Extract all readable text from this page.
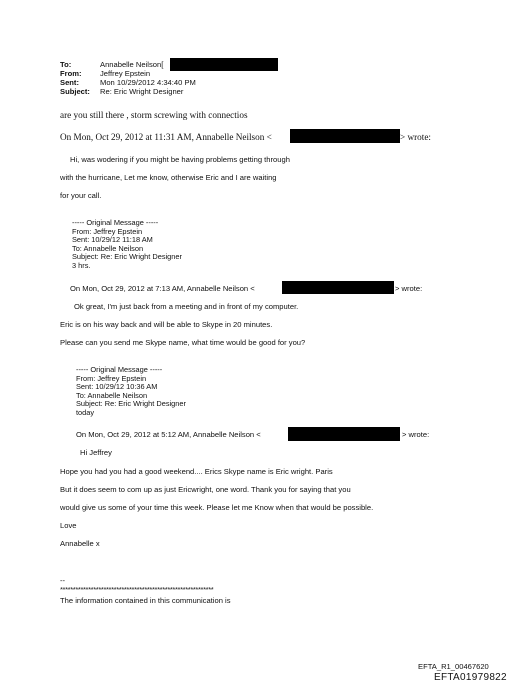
To:	Annabelle Neilson[
From: Jeffrey Epstein
Sent:	Mon 10/29/2012 4:34:40 PM
Subject: Re: Eric Wright Designer
are you still there , storm screwing with connectios
On Mon, Oct 29, 2012 at 11:31 AM, Annabelle Neilson <	> wrote:
Hi, was wodering if you might be having problems getting through
with the hurricane, Let me know, otherwise Eric and I are waiting
for your call.
----- Original Message -----
From: Jeffrey Epstein
Sent: 10/29/12 11:18 AM
To: Annabelle Neilson
Subject: Re: Eric Wright Designer
3 hrs.
On Mon, Oct 29, 2012 at 7:13 AM, Annabelle Neilson <	> wrote:
Ok great, I'm just back from a meeting and in front of my computer.
Eric is on his way back and will be able to Skype in 20 minutes.
Please can you send me Skype name, what time would be good for you?
----- Original Message -----
From: Jeffrey Epstein
Sent: 10/29/12 10:36 AM
To: Annabelle Neilson
Subject: Re: Eric Wright Designer
today
On Mon, Oct 29, 2012 at 5:12 AM, Annabelle Neilson <	> wrote:
Hi Jeffrey
Hope you had you had a good weekend.... Erics Skype name is Eric wright. Paris
But it does seem to com up as just Ericwright, one word. Thank you for saying that you
would give us some of your time this week. Please let me Know when that would be possible.
Love
Annabelle x
--
************************************************************
The information contained in this communication is
EFTA_R1_00467620
EFTA01979822
